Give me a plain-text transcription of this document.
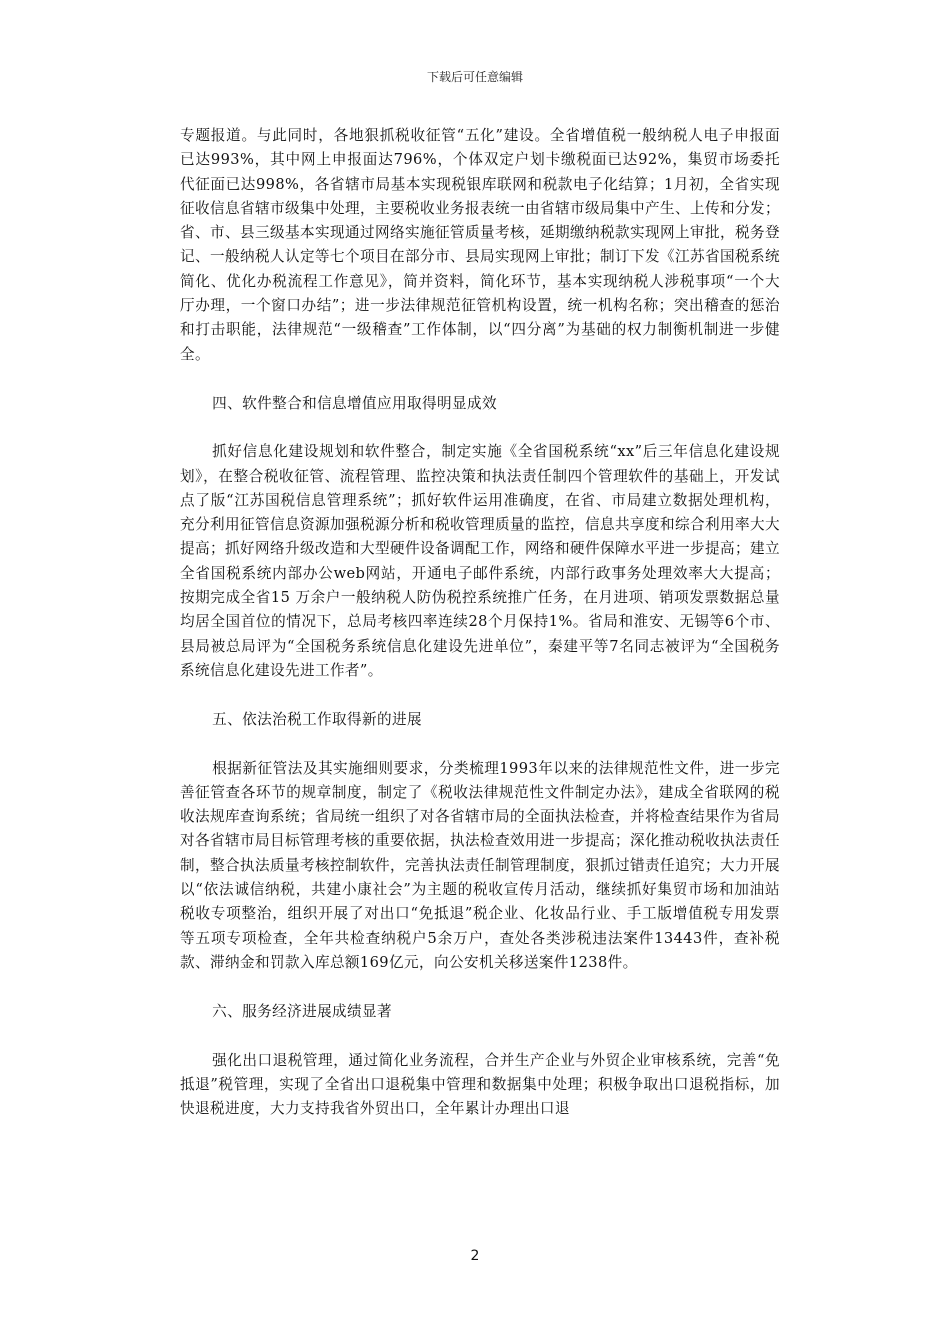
下载后可任意编辑

专题报道。与此同时，各地狠抓税收征管“五化”建设。全省增值税一般纳税人电子申报面已达993%，其中网上申报面达796%，个体双定户划卡缴税面已达92%，集贸市场委托代征面已达998%，各省辖市局基本实现税银库联网和税款电子化结算；1月初，全省实现征收信息省辖市级集中处理，主要税收业务报表统一由省辖市级局集中产生、上传和分发；省、市、县三级基本实现通过网络实施征管质量考核，延期缴纳税款实现网上审批，税务登记、一般纳税人认定等七个项目在部分市、县局实现网上审批；制订下发《江苏省国税系统简化、优化办税流程工作意见》，简并资料，简化环节，基本实现纳税人涉税事项“一个大厅办理，一个窗口办结”；进一步法律规范征管机构设置，统一机构名称；突出稽查的惩治和打击职能，法律规范“一级稽查”工作体制，以“四分离”为基础的权力制衡机制进一步健全。

四、软件整合和信息增值应用取得明显成效

抓好信息化建设规划和软件整合，制定实施《全省国税系统“xx”后三年信息化建设规划》，在整合税收征管、流程管理、监控决策和执法责任制四个管理软件的基础上，开发试点了版“江苏国税信息管理系统”；抓好软件运用准确度，在省、市局建立数据处理机构，充分利用征管信息资源加强税源分析和税收管理质量的监控，信息共享度和综合利用率大大提高；抓好网络升级改造和大型硬件设备调配工作，网络和硬件保障水平进一步提高；建立全省国税系统内部办公web网站，开通电子邮件系统，内部行政事务处理效率大大提高；按期完成全省15 万余户一般纳税人防伪税控系统推广任务，在月进项、销项发票数据总量均居全国首位的情况下，总局考核四率连续28个月保持1%。省局和淮安、无锡等6个市、县局被总局评为“全国税务系统信息化建设先进单位”，秦建平等7名同志被评为“全国税务系统信息化建设先进工作者”。

五、依法治税工作取得新的进展

根据新征管法及其实施细则要求，分类梳理1993年以来的法律规范性文件，进一步完善征管查各环节的规章制度，制定了《税收法律规范性文件制定办法》，建成全省联网的税收法规库查询系统；省局统一组织了对各省辖市局的全面执法检查，并将检查结果作为省局对各省辖市局目标管理考核的重要依据，执法检查效用进一步提高；深化推动税收执法责任制，整合执法质量考核控制软件，完善执法责任制管理制度，狠抓过错责任追究；大力开展以“依法诚信纳税，共建小康社会”为主题的税收宣传月活动，继续抓好集贸市场和加油站税收专项整治，组织开展了对出口“免抵退”税企业、化妆品行业、手工版增值税专用发票等五项专项检查，全年共检查纳税户5余万户，查处各类涉税违法案件13443件，查补税款、滞纳金和罚款入库总额169亿元，向公安机关移送案件1238件。

六、服务经济进展成绩显著

强化出口退税管理，通过简化业务流程，合并生产企业与外贸企业审核系统，完善“免抵退”税管理，实现了全省出口退税集中管理和数据集中处理；积极争取出口退税指标，加快退税进度，大力支持我省外贸出口，全年累计办理出口退

2
